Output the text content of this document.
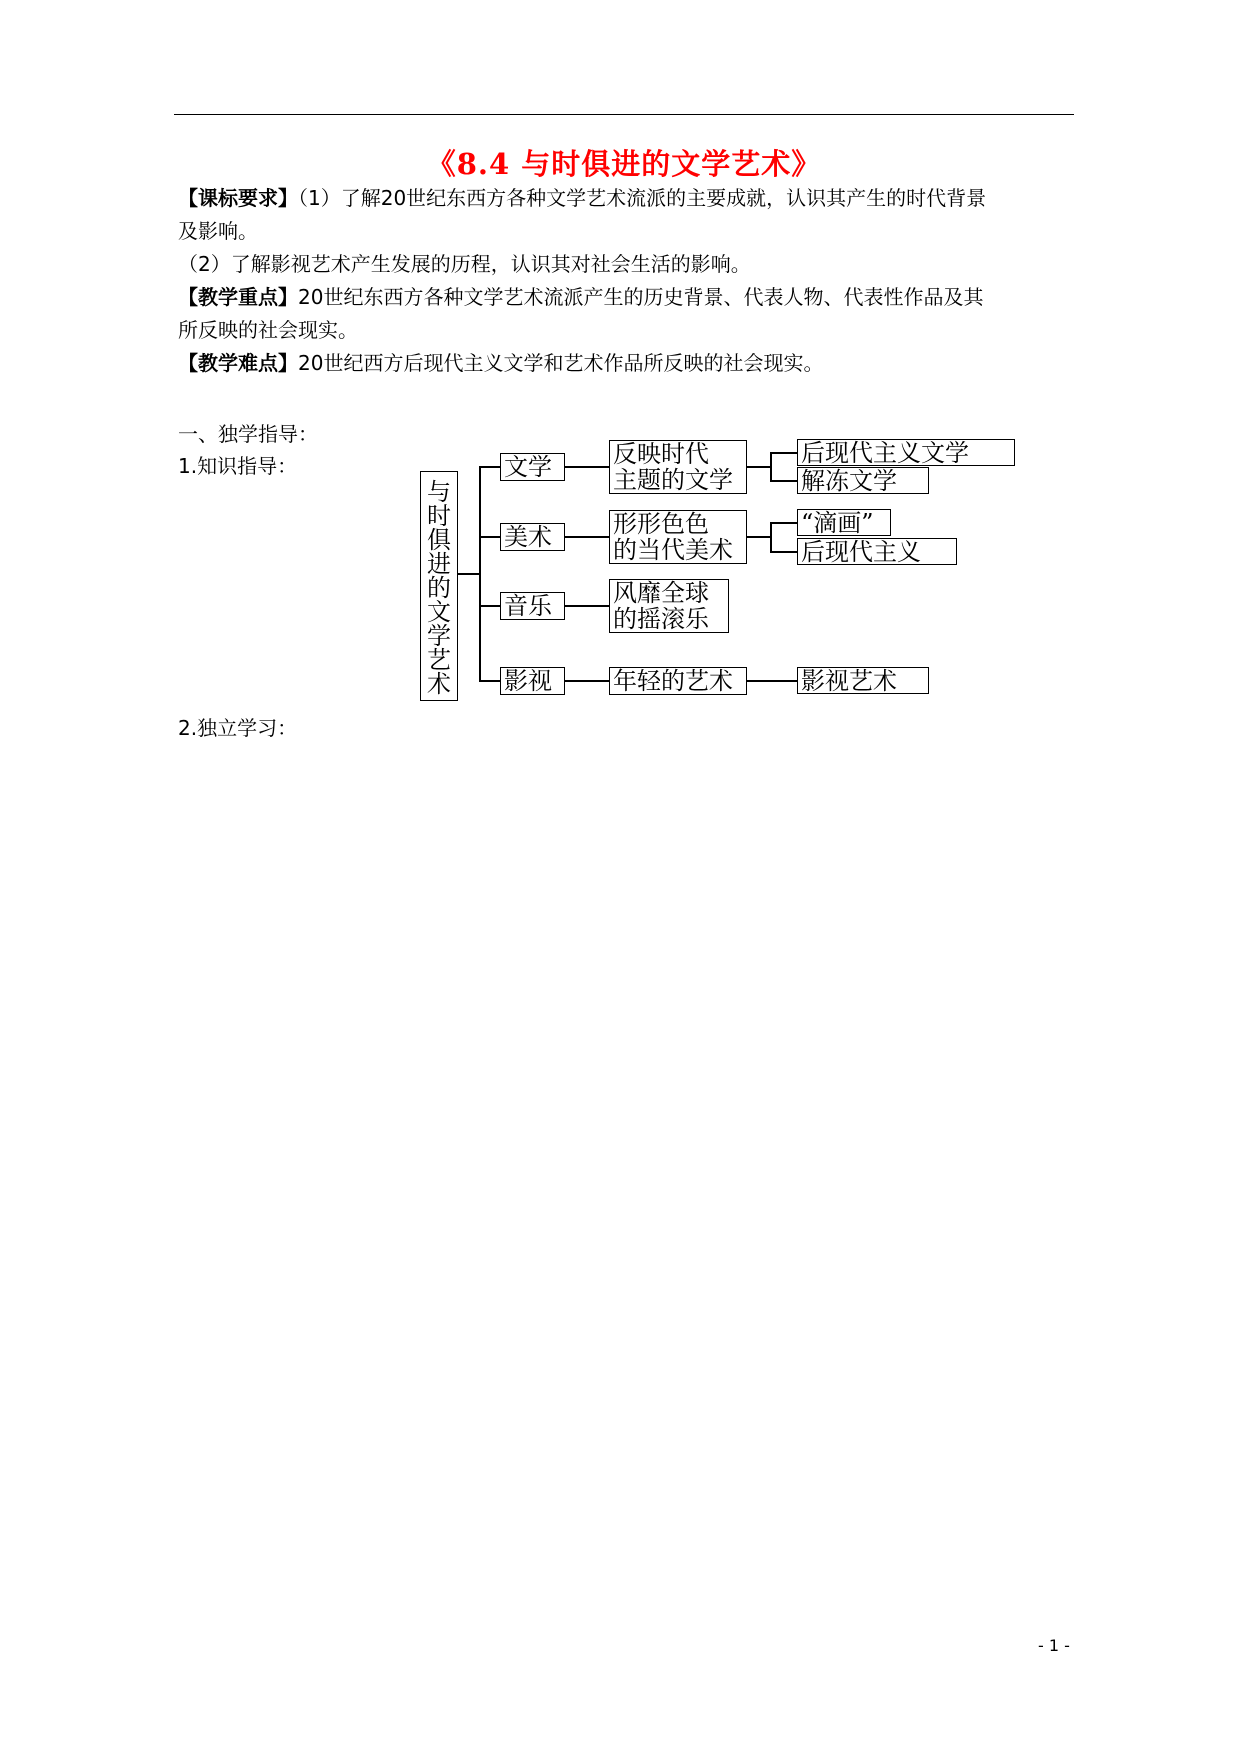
《8.4 与时俱进的文学艺术》
【课标要求】（1）了解20世纪东西方各种文学艺术流派的主要成就，认识其产生的时代背景
及影响。
（2）了解影视艺术产生发展的历程，认识其对社会生活的影响。
【教学重点】20世纪东西方各种文学艺术流派产生的历史背景、代表人物、代表性作品及其
所反映的社会现实。
【教学难点】20世纪西方后现代主义文学和艺术作品所反映的社会现实。
一、独学指导：
1.知识指导：
2.独立学习：
与
时
俱
进
的
文
学
艺
术
文学
美术
音乐
影视
反映时代
主题的文学
形形色色
的当代美术
风靡全球
的摇滚乐
年轻的艺术
后现代主义文学
解冻文学
“滴画”
后现代主义
影视艺术
- 1 -
